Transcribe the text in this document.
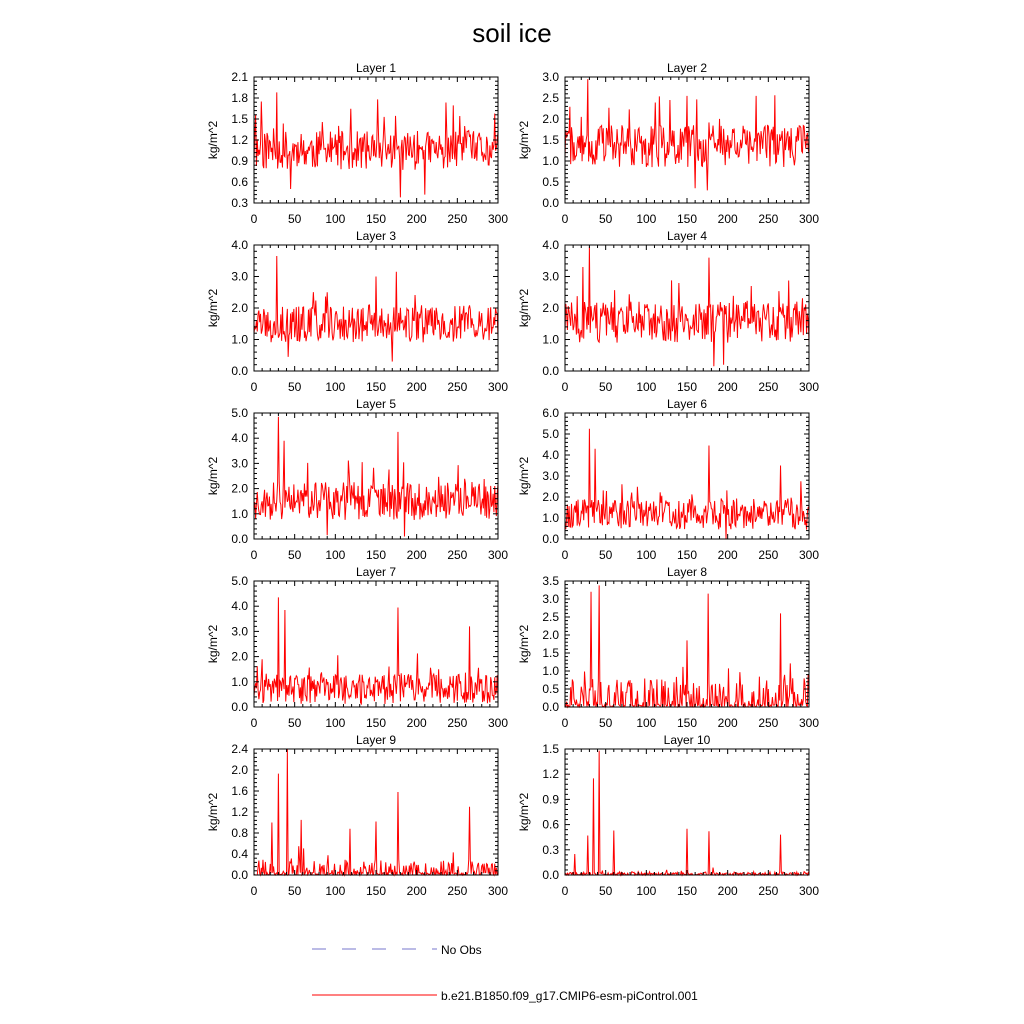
soil ice
Layer 1
kg/m^2
0	50 100 150 200 250 300
0.3
0.6
0.9
1.2
1.5
1.8
2.1
Layer 2
kg/m^2
0	50 100 150 200 250 300
0.0
0.5
1.0
1.5
2.0
2.5
3.0
Layer 3
kg/m^2
0	50 100 150 200 250 300
0.0
1.0
2.0
3.0
4.0
Layer 4
kg/m^2
0	50 100 150 200 250 300
0.0
1.0
2.0
3.0
4.0
Layer 5
kg/m^2
0	50 100 150 200 250 300
0.0
1.0
2.0
3.0
4.0
5.0
Layer 6
kg/m^2
0	50 100 150 200 250 300
0.0
1.0
2.0
3.0
4.0
5.0
6.0
Layer 7
kg/m^2
0	50 100 150 200 250 300
0.0
1.0
2.0
3.0
4.0
5.0
Layer 8
kg/m^2
0	50 100 150 200 250 300
0.0
0.5
1.0
1.5
2.0
2.5
3.0
3.5
Layer 9
kg/m^2
0	50 100 150 200 250 300
0.0
0.4
0.8
1.2
1.6
2.0
2.4
Layer 10
kg/m^2
0	50 100 150 200 250 300
0.0
0.3
0.6
0.9
1.2
1.5
No Obs
b.e21.B1850.f09_g17.CMIP6-esm-piControl.001
